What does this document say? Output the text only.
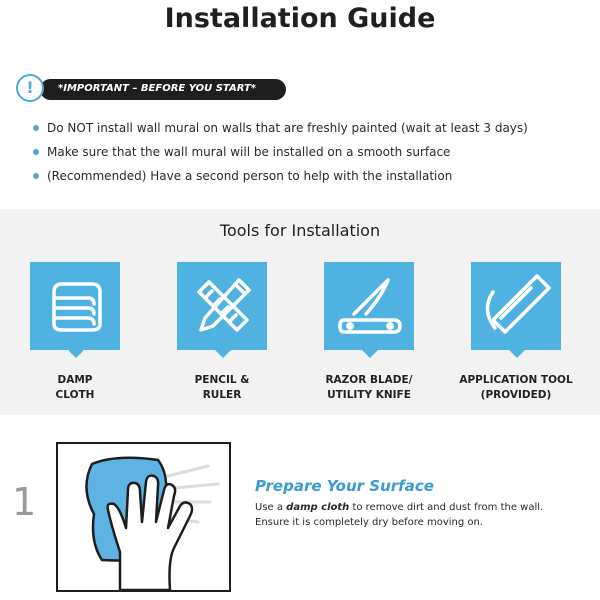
Installation Guide
*IMPORTANT – BEFORE YOU START*
!
Do NOT install wall mural on walls that are freshly painted (wait at least 3 days)
Make sure that the wall mural will be installed on a smooth surface
(Recommended) Have a second person to help with the installation
Tools for Installation
DAMP
CLOTH
PENCIL &
RULER
RAZOR BLADE/
UTILITY KNIFE
APPLICATION TOOL
(PROVIDED)
1	Prepare Your Surface
Use a damp cloth to remove dirt and dust from the wall.
Ensure it is completely dry before moving on.
